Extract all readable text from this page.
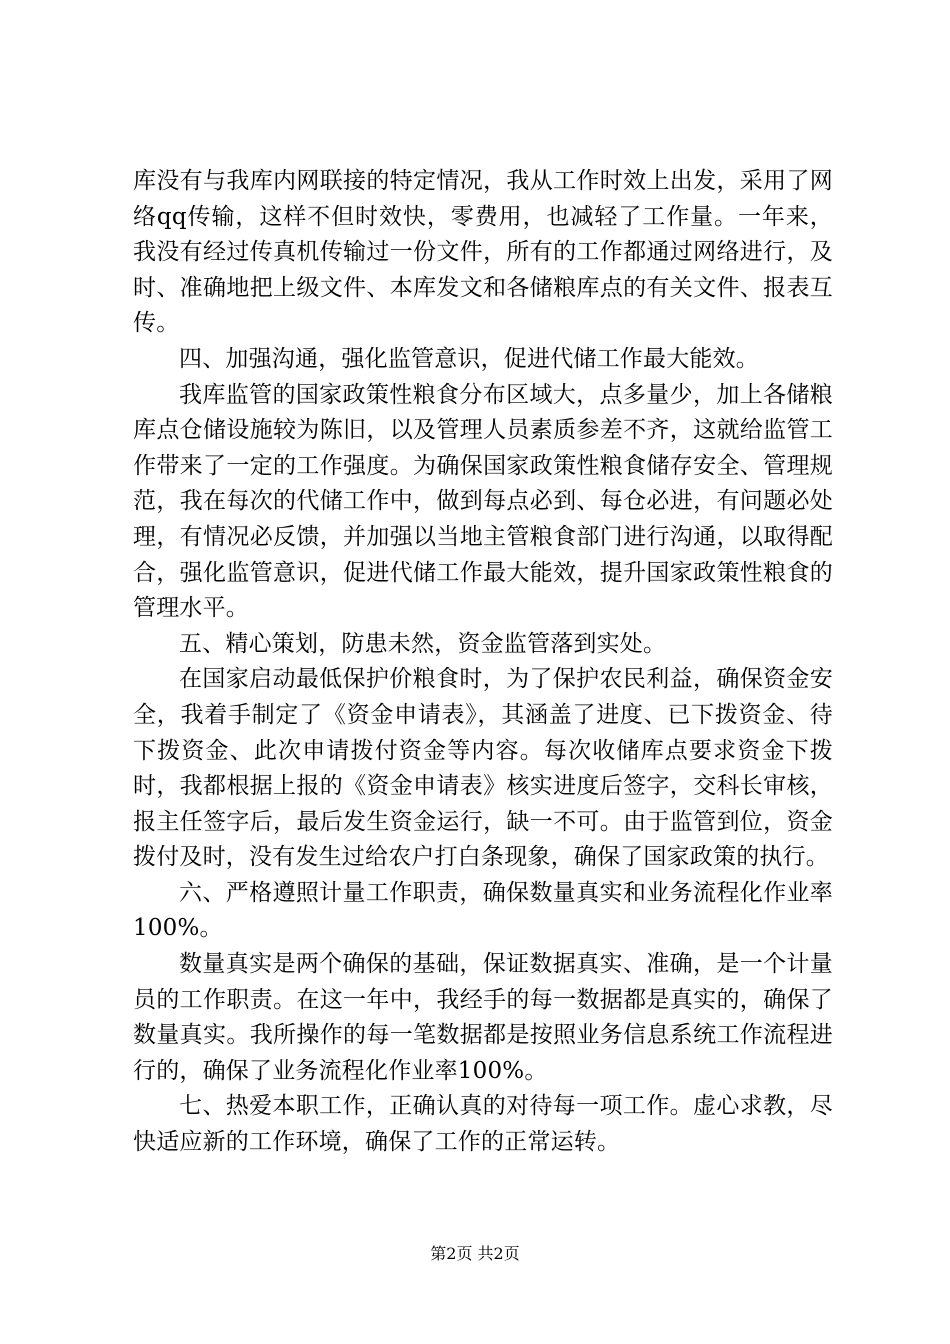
库没有与我库内网联接的特定情况，我从工作时效上出发，采用了网络qq传输，这样不但时效快，零费用，也减轻了工作量。一年来，我没有经过传真机传输过一份文件，所有的工作都通过网络进行，及时、准确地把上级文件、本库发文和各储粮库点的有关文件、报表互传。

四、加强沟通，强化监管意识，促进代储工作最大能效。

我库监管的国家政策性粮食分布区域大，点多量少，加上各储粮库点仓储设施较为陈旧，以及管理人员素质参差不齐，这就给监管工作带来了一定的工作强度。为确保国家政策性粮食储存安全、管理规范，我在每次的代储工作中，做到每点必到、每仓必进，有问题必处理，有情况必反馈，并加强以当地主管粮食部门进行沟通，以取得配合，强化监管意识，促进代储工作最大能效，提升国家政策性粮食的管理水平。

五、精心策划，防患未然，资金监管落到实处。

在国家启动最低保护价粮食时，为了保护农民利益，确保资金安全，我着手制定了《资金申请表》，其涵盖了进度、已下拨资金、待下拨资金、此次申请拨付资金等内容。每次收储库点要求资金下拨时，我都根据上报的《资金申请表》核实进度后签字，交科长审核，报主任签字后，最后发生资金运行，缺一不可。由于监管到位，资金拨付及时，没有发生过给农户打白条现象，确保了国家政策的执行。

六、严格遵照计量工作职责，确保数量真实和业务流程化作业率100%。

数量真实是两个确保的基础，保证数据真实、准确，是一个计量员的工作职责。在这一年中，我经手的每一数据都是真实的，确保了数量真实。我所操作的每一笔数据都是按照业务信息系统工作流程进行的，确保了业务流程化作业率100%。

七、热爱本职工作，正确认真的对待每一项工作。虚心求教，尽快适应新的工作环境，确保了工作的正常运转。

第2页 共2页
